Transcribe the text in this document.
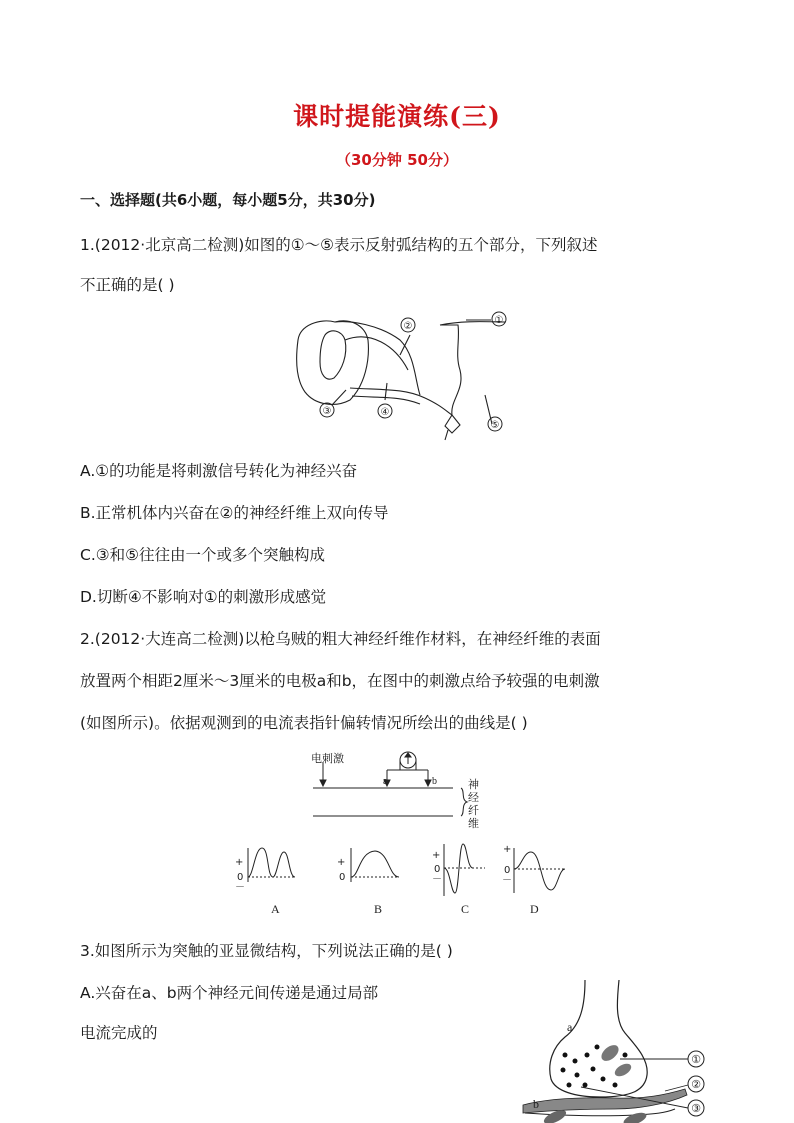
课时提能演练(三)
（30分钟 50分）
一、选择题(共6小题，每小题5分，共30分)
1.(2012·北京高二检测)如图的①～⑤表示反射弧结构的五个部分，下列叙述
不正确的是( )
①
②
③	④
⑤
A.①的功能是将刺激信号转化为神经兴奋
B.正常机体内兴奋在②的神经纤维上双向传导
C.③和⑤往往由一个或多个突触构成
D.切断④不影响对①的刺激形成感觉
2.(2012·大连高二检测)以枪乌贼的粗大神经纤维作材料，在神经纤维的表面
放置两个相距2厘米～3厘米的电极a和b，在图中的刺激点给予较强的电刺激
(如图所示)。依据观测到的电流表指针偏转情况所绘出的曲线是( )
电刺激
a	b	神
经
纤
维
+
0
－
A
+
0
B
+
0
－
C
+
0
－
D
3.如图所示为突触的亚显微结构，下列说法正确的是( )
A.兴奋在a、b两个神经元间传递是通过局部
电流完成的
①
②
③
a
b
